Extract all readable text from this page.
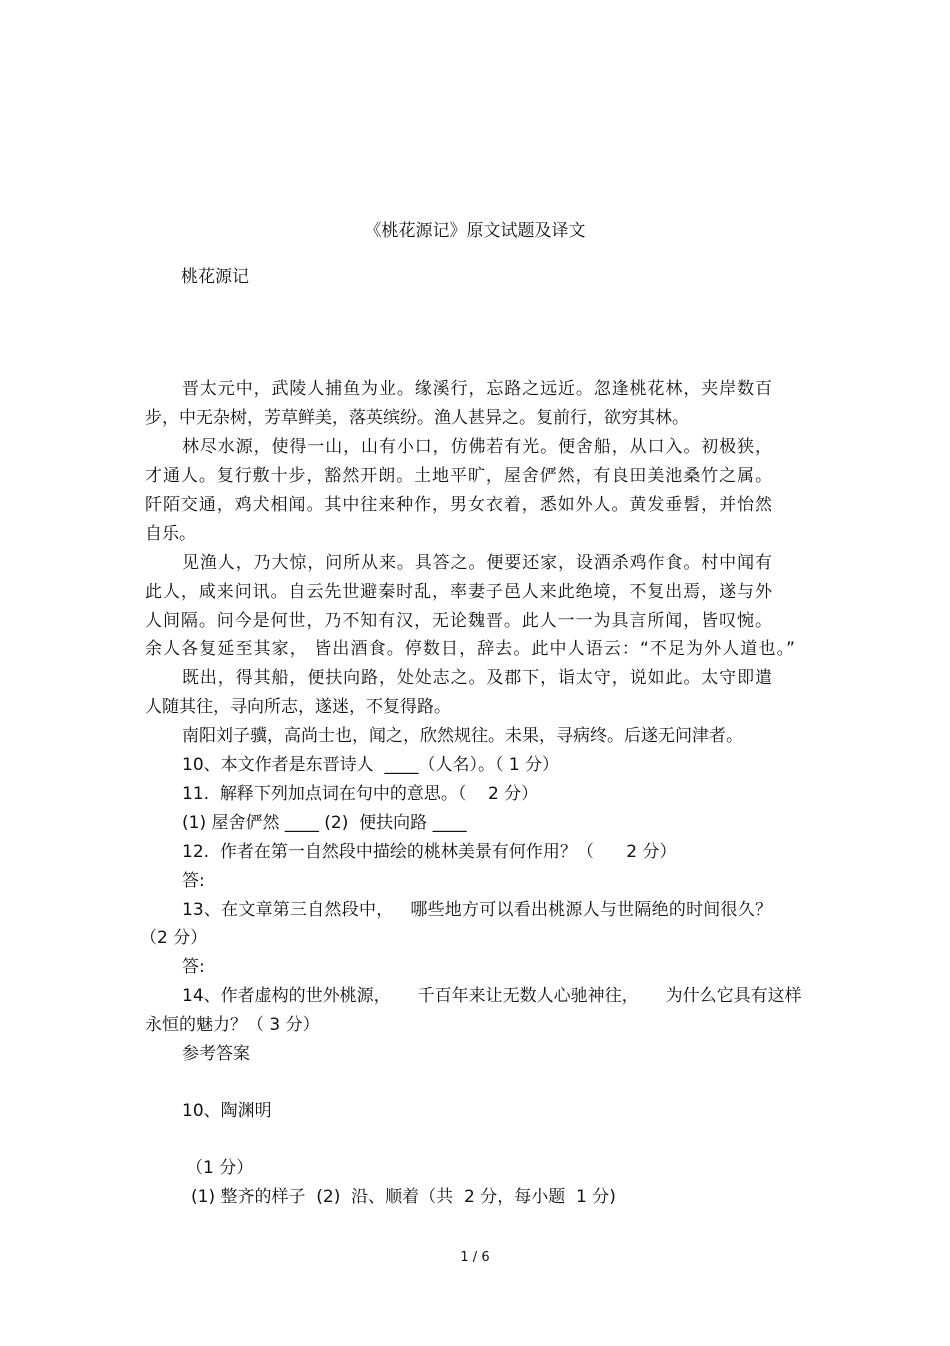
《桃花源记》原文试题及译文
桃花源记
晋太元中，武陵人捕鱼为业。缘溪行，忘路之远近。忽逢桃花林，夹岸数百
步，中无杂树，芳草鲜美，落英缤纷。渔人甚异之。复前行，欲穷其林。
林尽水源，使得一山，山有小口，仿佛若有光。便舍船，从口入。初极狭，
才通人。复行敷十步，豁然开朗。土地平旷，屋舍俨然，有良田美池桑竹之属。
阡陌交通，鸡犬相闻。其中往来种作，男女衣着，悉如外人。黄发垂髫，并怡然
自乐。
见渔人，乃大惊，问所从来。具答之。便要还家，设酒杀鸡作食。村中闻有
此人，咸来问讯。自云先世避秦时乱，率妻子邑人来此绝境，不复出焉，遂与外
人间隔。问今是何世，乃不知有汉，无论魏晋。此人一一为具言所闻，皆叹惋。
余人各复延至其家， 皆出酒食。停数日，辞去。此中人语云：“不足为外人道也。”
既出，得其船，便扶向路，处处志之。及郡下，诣太守，说如此。太守即遣
人随其往，寻向所志，遂迷，不复得路。
南阳刘子骥，高尚士也，闻之，欣然规往。未果，寻病终。后遂无问津者。
10、本文作者是东晋诗人  ____（人名）。（ 1 分）
11.  解释下列加点词在句中的意思。（    2 分）
(1) 屋舍俨然 ____ (2)  便扶向路 ____
12.  作者在第一自然段中描绘的桃林美景有何作用？（      2 分）
答:
13、在文章第三自然段中，   哪些地方可以看出桃源人与世隔绝的时间很久？
（2 分）
答:
14、作者虚构的世外桃源，     千百年来让无数人心驰神往，     为什么它具有这样
永恒的魅力？（ 3 分）
参考答案
10、陶渊明
（1 分）
(1) 整齐的样子  (2)  沿、顺着（共  2 分，每小题  1 分)
1 / 6
